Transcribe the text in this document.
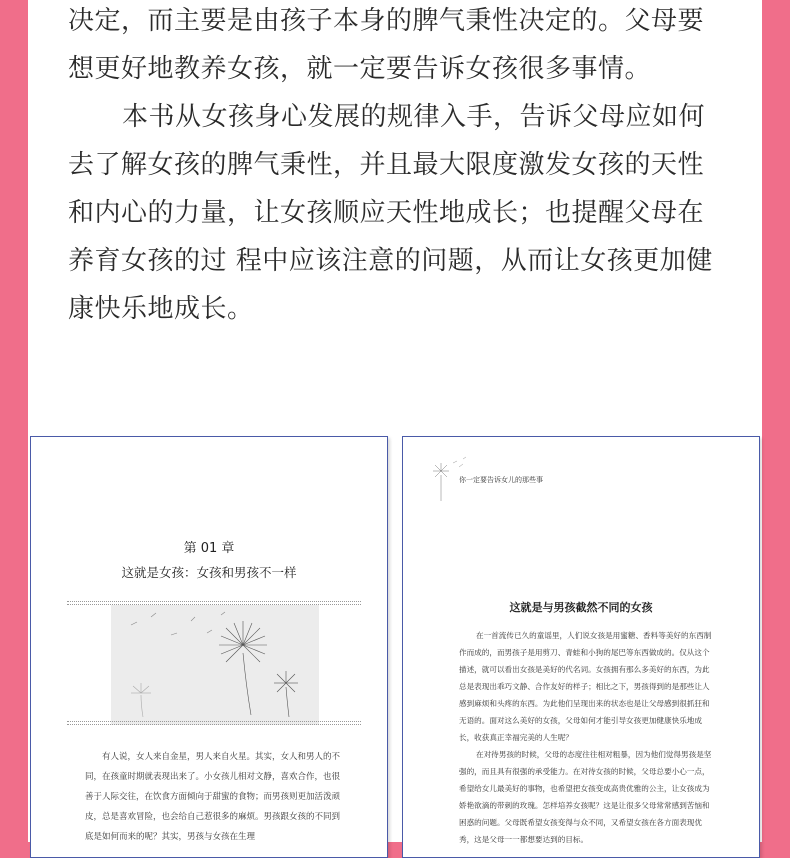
决定，而主要是由孩子本身的脾气秉性决定的。父母要想更好地教养女孩，就一定要告诉女孩很多事情。

本书从女孩身心发展的规律入手，告诉父母应如何去了解女孩的脾气秉性，并且最大限度激发女孩的天性和内心的力量，让女孩顺应天性地成长；也提醒父母在养育女孩的过 程中应该注意的问题，从而让女孩更加健康快乐地成长。

第 01 章
这就是女孩：女孩和男孩不一样

有人说，女人来自金星，男人来自火星。其实，女人和男人的不同，在孩童时期就表现出来了。小女孩儿相对文静，喜欢合作，也很善于人际交往，在饮食方面倾向于甜蜜的食物；而男孩则更加活泼顽皮，总是喜欢冒险，也会给自己惹很多的麻烦。男孩跟女孩的不同到底是如何而来的呢？其实，男孩与女孩在生理

你一定要告诉女儿的那些事
这就是与男孩截然不同的女孩

在一首流传已久的童谣里，人们说女孩是用蜜糖、香料等美好的东西制作而成的，而男孩子是用剪刀、青蛙和小狗的尾巴等东西做成的。仅从这个描述，就可以看出女孩是美好的代名词。女孩拥有那么多美好的东西，为此总是表现出乖巧文静、合作友好的样子；相比之下，男孩得到的是那些让人感到麻烦和头疼的东西。为此他们呈现出来的状态也是让父母感到很抓狂和无语的。面对这么美好的女孩，父母如何才能引导女孩更加健康快乐地成长，收获真正幸福完美的人生呢？

在对待男孩的时候，父母的态度往往相对粗暴，因为他们觉得男孩是坚强的，而且具有很强的承受能力。在对待女孩的时候，父母总要小心一点，希望给女儿最美好的事物，也希望把女孩变成高贵优雅的公主，让女孩成为娇艳欲滴的带刺的玫瑰。怎样培养女孩呢？这是让很多父母常常感到苦恼和困惑的问题。父母既希望女孩变得与众不同，又希望女孩在各方面表现优秀，这是父母一一都想要达到的目标。
